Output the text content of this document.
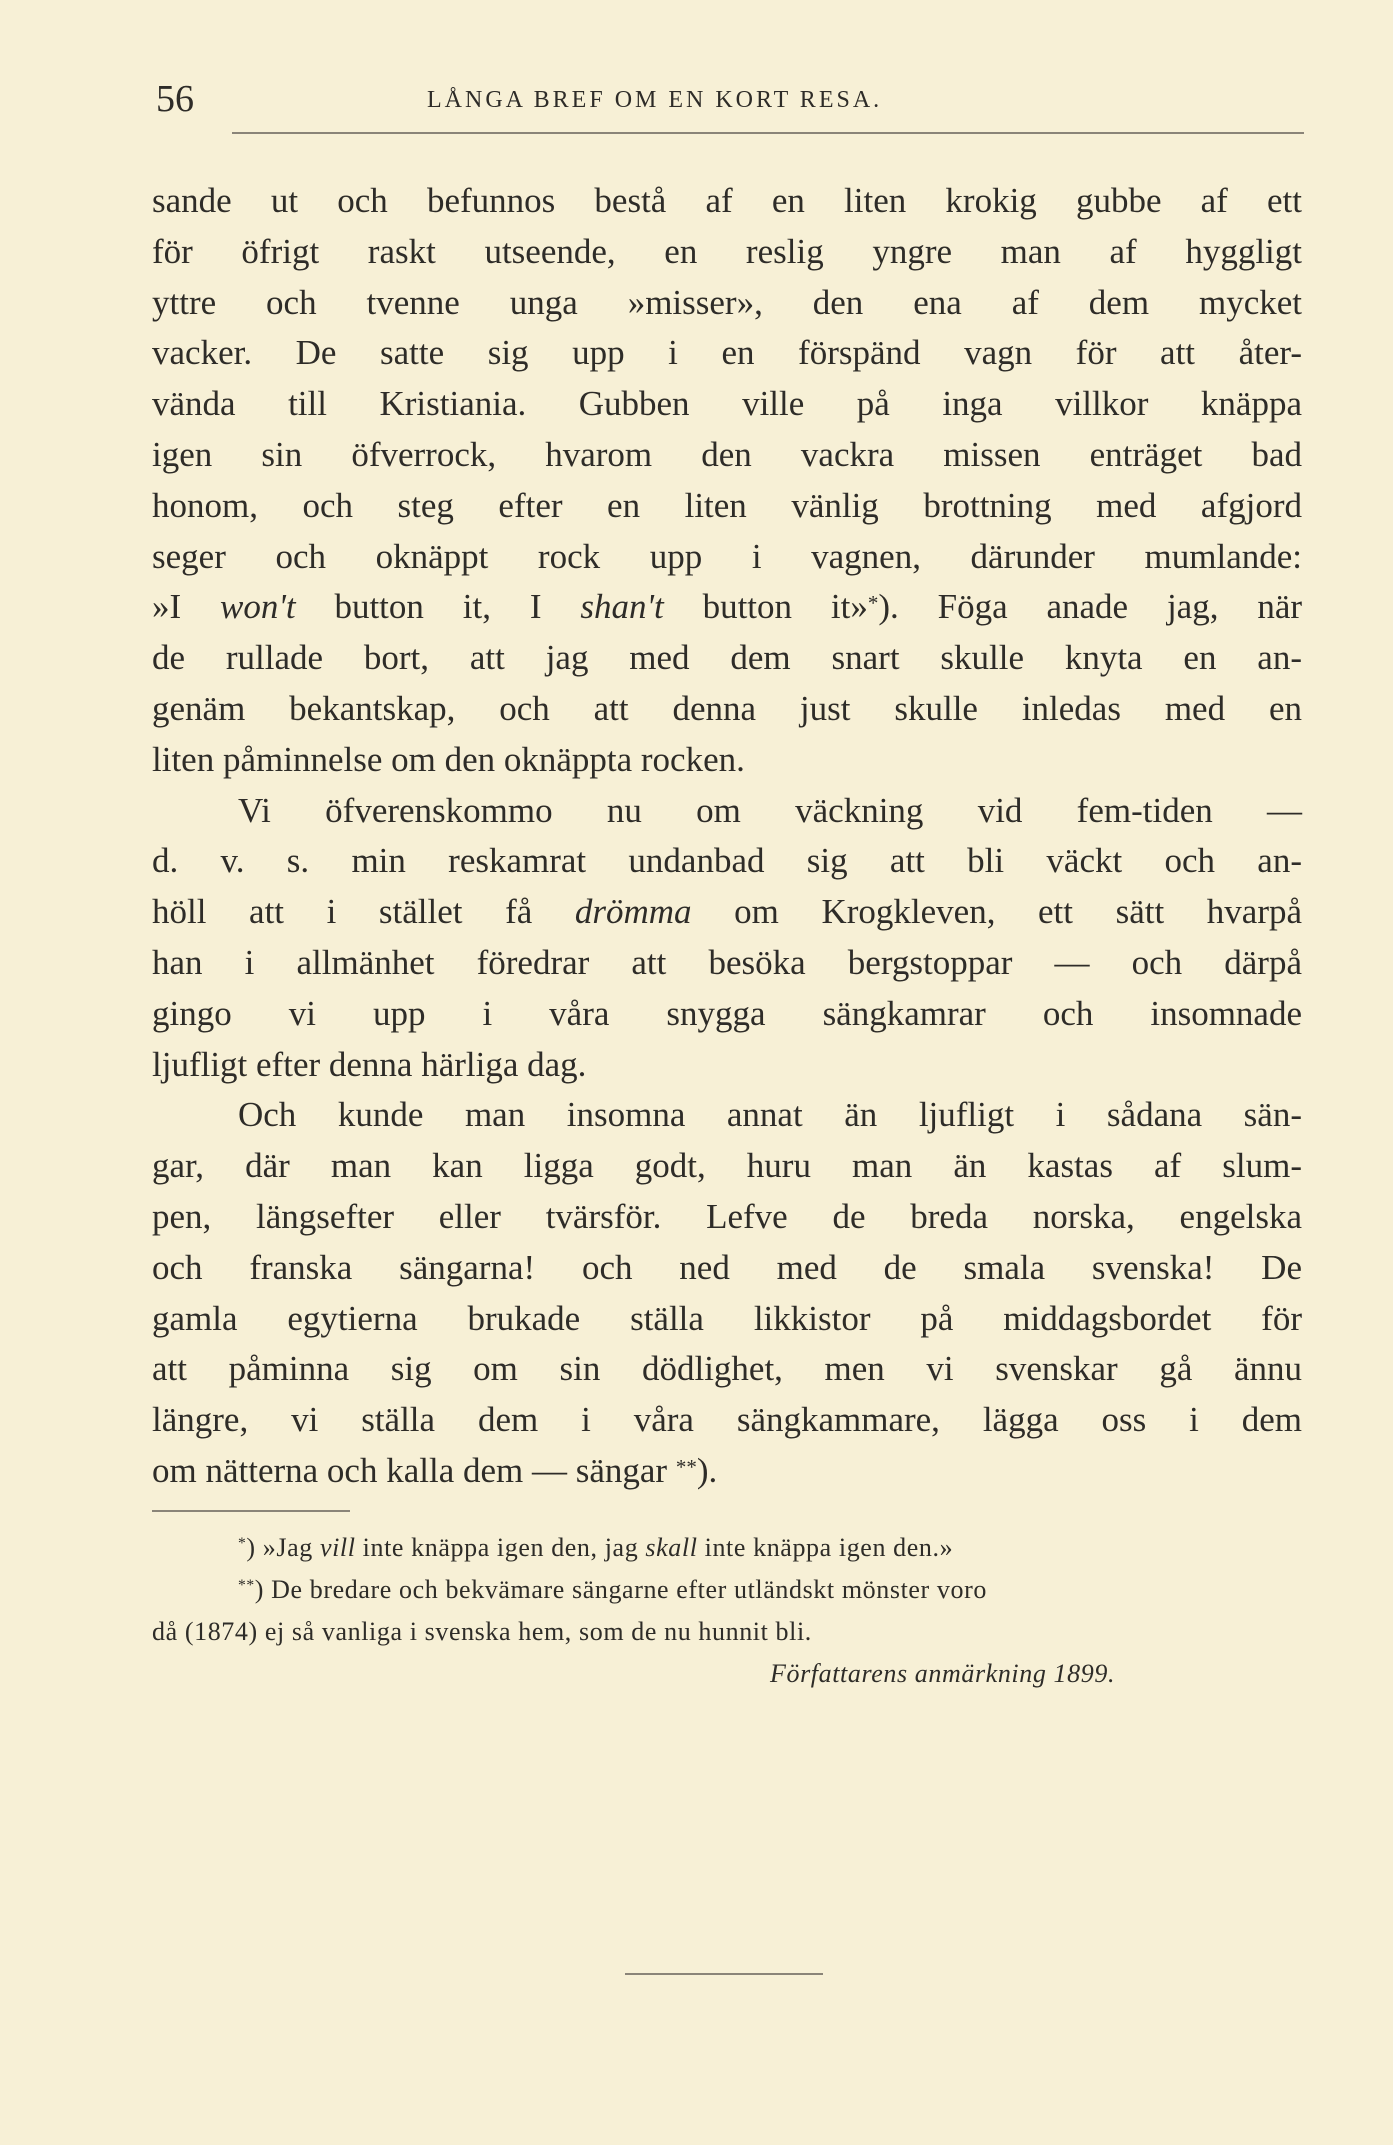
56	LÅNGA BREF OM EN KORT RESA.
sande ut och befunnos bestå af en liten krokig gubbe af ett
för öfrigt raskt utseende, en reslig yngre man af hyggligt
yttre och tvenne unga »misser», den ena af dem mycket
vacker. De satte sig upp i en förspänd vagn för att åter-
vända till Kristiania. Gubben ville på inga villkor knäppa
igen sin öfverrock, hvarom den vackra missen enträget bad
honom, och steg efter en liten vänlig brottning med afgjord
seger och oknäppt rock upp i vagnen, därunder mumlande:
»I won't button it, I shan't button it»*). Föga anade jag, när
de rullade bort, att jag med dem snart skulle knyta en an-
genäm bekantskap, och att denna just skulle inledas med en
liten påminnelse om den oknäppta rocken.
Vi öfverenskommo nu om väckning vid fem-tiden —
d. v. s. min reskamrat undanbad sig att bli väckt och an-
höll att i stället få drömma om Krogkleven, ett sätt hvarpå
han i allmänhet föredrar att besöka bergstoppar — och därpå
gingo vi upp i våra snygga sängkamrar och insomnade
ljufligt efter denna härliga dag.
Och kunde man insomna annat än ljufligt i sådana sän-
gar, där man kan ligga godt, huru man än kastas af slum-
pen, längsefter eller tvärsför. Lefve de breda norska, engelska
och franska sängarna! och ned med de smala svenska! De
gamla egytierna brukade ställa likkistor på middagsbordet för
att påminna sig om sin dödlighet, men vi svenskar gå ännu
längre, vi ställa dem i våra sängkammare, lägga oss i dem
om nätterna och kalla dem — sängar **).
*) »Jag vill inte knäppa igen den, jag skall inte knäppa igen den.»
**) De bredare och bekvämare sängarne efter utländskt mönster voro
då (1874) ej så vanliga i svenska hem, som de nu hunnit bli.
Författarens anmärkning 1899.
